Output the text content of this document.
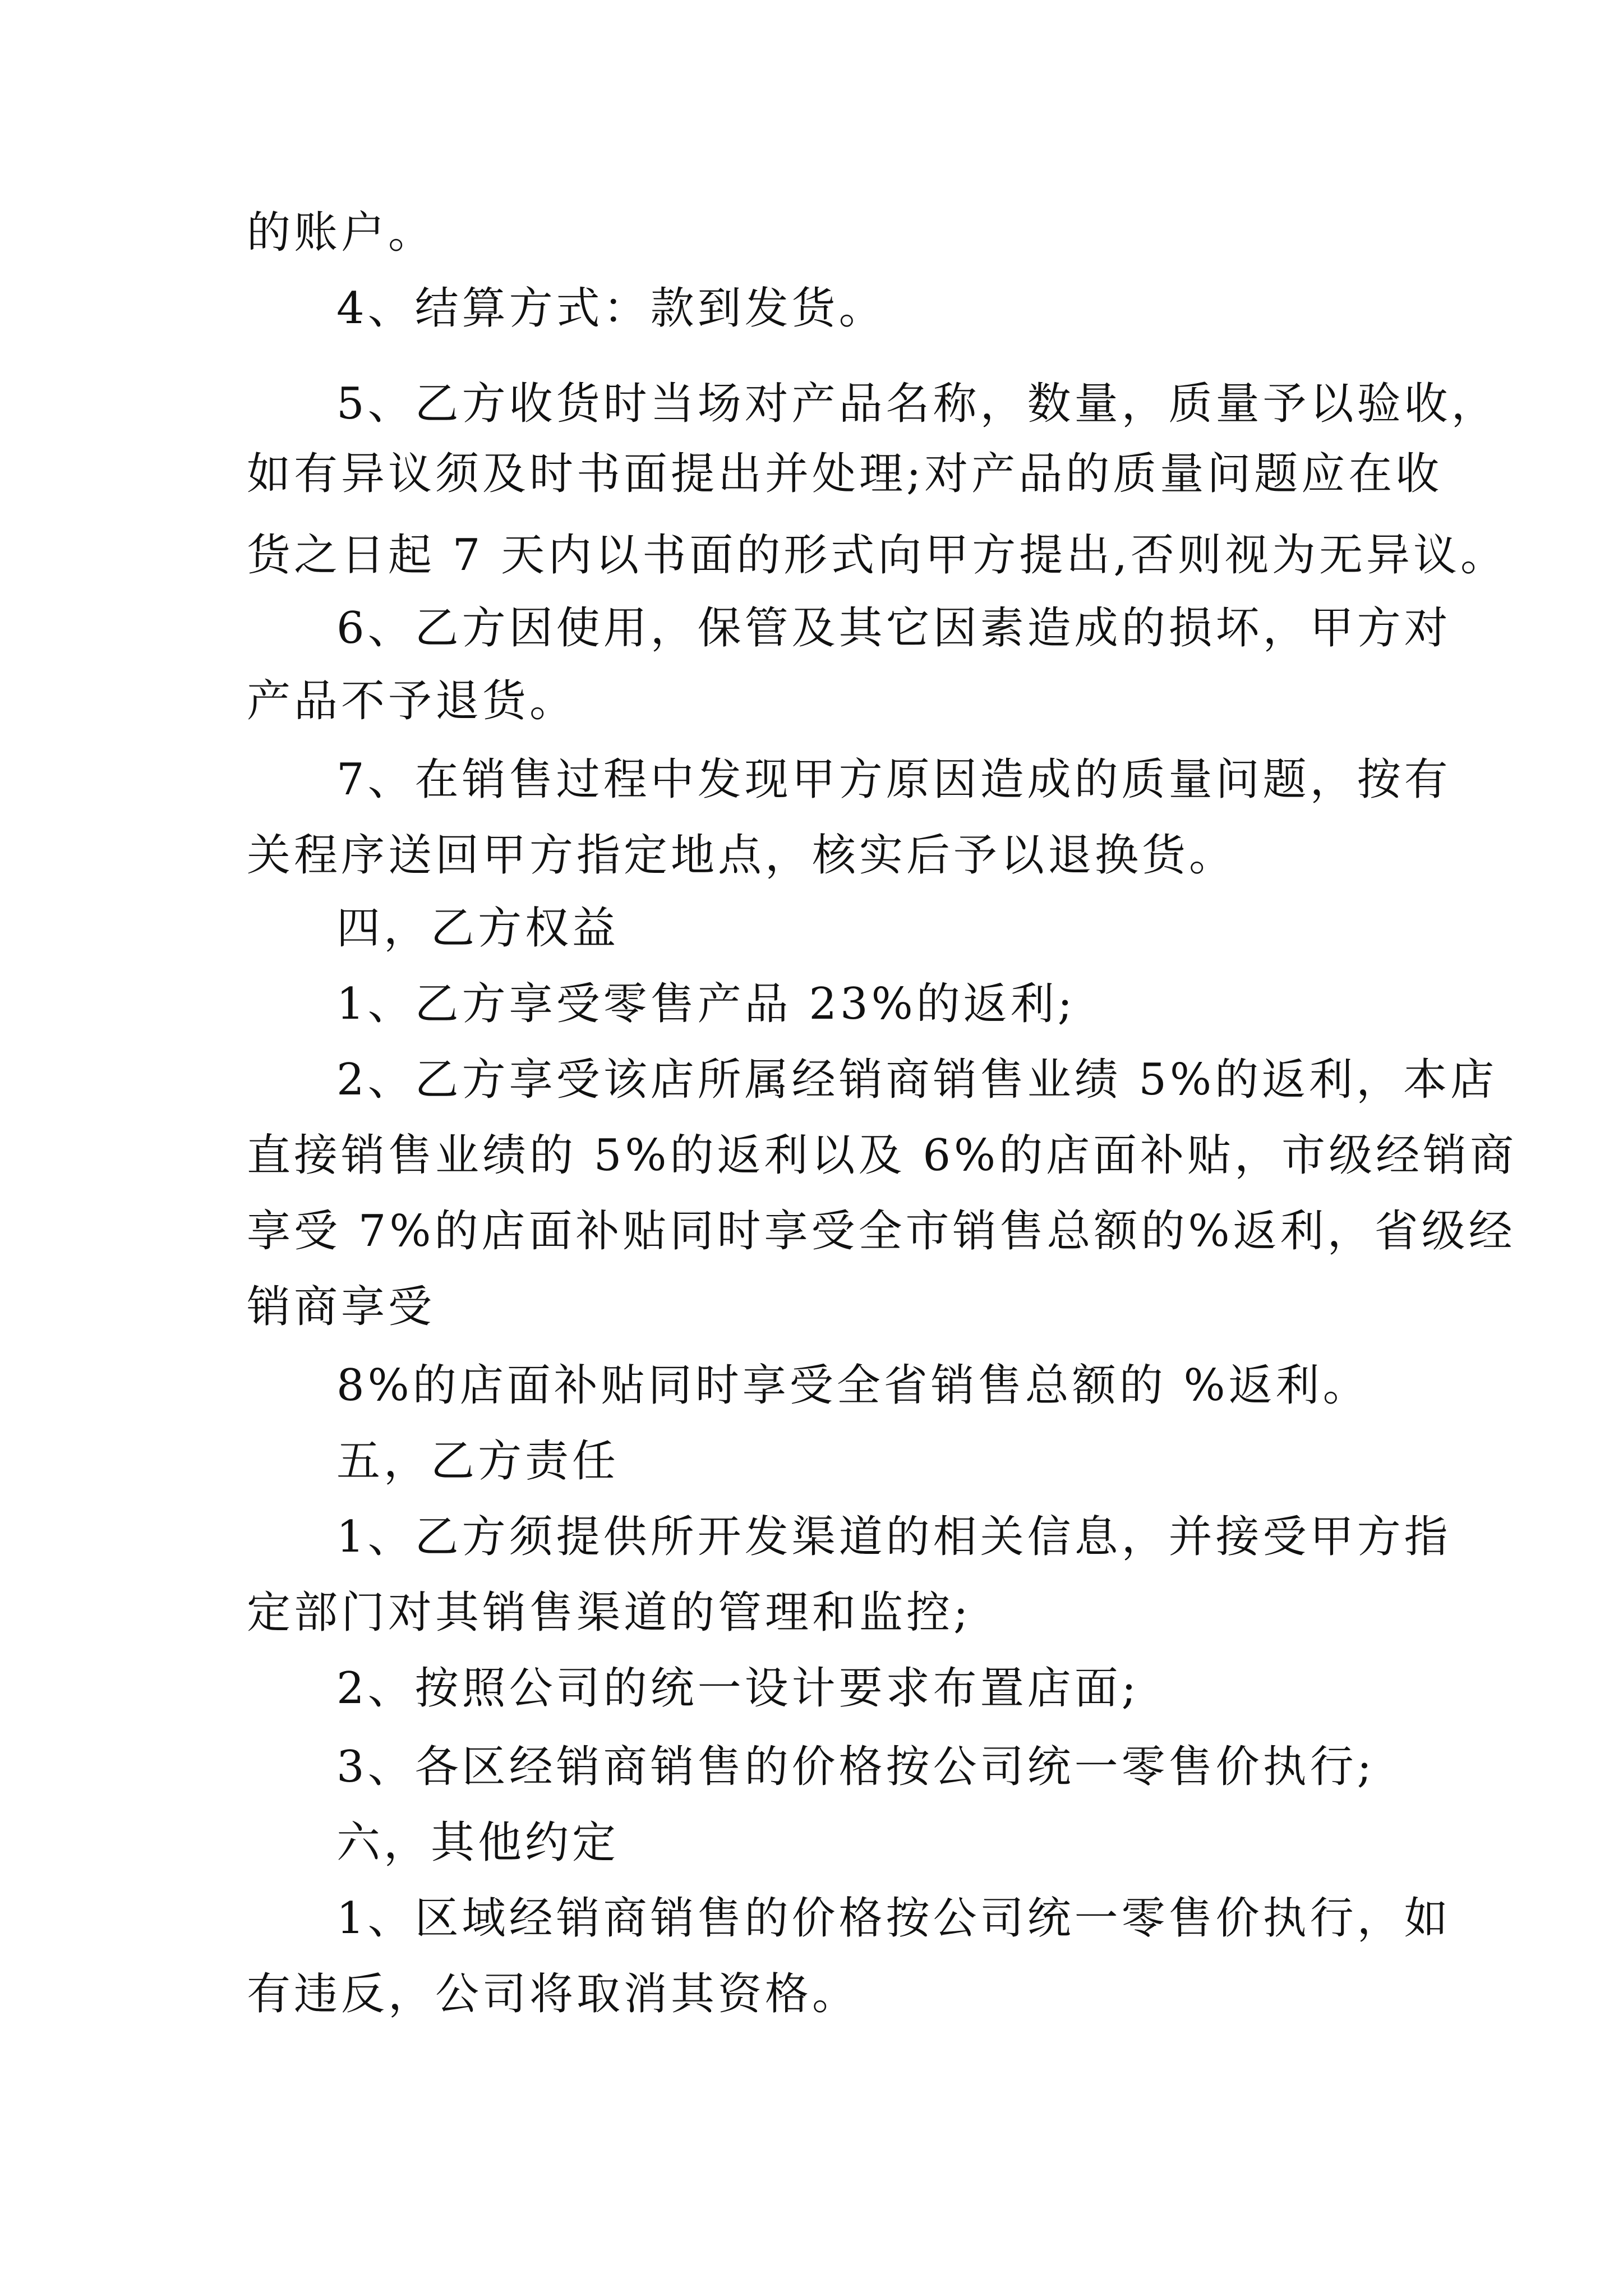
的账户。
4、结算方式：款到发货。
5、乙方收货时当场对产品名称，数量，质量予以验收，
如有异议须及时书面提出并处理;对产品的质量问题应在收
货之日起 7 天内以书面的形式向甲方提出,否则视为无异议。
6、乙方因使用，保管及其它因素造成的损坏，甲方对
产品不予退货。
7、在销售过程中发现甲方原因造成的质量问题，按有
关程序送回甲方指定地点，核实后予以退换货。
四，乙方权益
1、乙方享受零售产品 23%的返利;
2、乙方享受该店所属经销商销售业绩 5%的返利，本店
直接销售业绩的 5%的返利以及 6%的店面补贴，市级经销商
享受 7%的店面补贴同时享受全市销售总额的%返利，省级经
销商享受
8%的店面补贴同时享受全省销售总额的 %返利。
五，乙方责任
1、乙方须提供所开发渠道的相关信息，并接受甲方指
定部门对其销售渠道的管理和监控;
2、按照公司的统一设计要求布置店面;
3、各区经销商销售的价格按公司统一零售价执行;
六，其他约定
1、区域经销商销售的价格按公司统一零售价执行，如
有违反，公司将取消其资格。
